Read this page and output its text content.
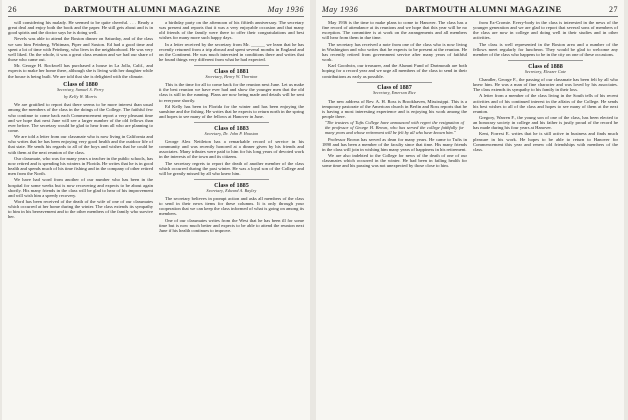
26	DARTMOUTH ALUMNI MAGAZINE	May 1936

will considering his malady. He seemed to be quite cheerful. . . . Ready a great deal and enjoy both the book and the paper. He still gets about and is in good spirits and the doctor says he is doing well.

Nevels was able to attend the Boston dinner on Saturday, and of the class we saw him Feinberg, Whitman, Piper and Saxton. Ed had a good time and spent a lot of time with Feinberg, who lives in the neighborhood. He was very well liked. On the whole, it was a great class reunion and we had our share of those who came out.

Mr. George H. Rockwell has purchased a house in La Jolla, Calif., and expects to make her home there, although she is living with her daughter while the house is being built. We are told that she is delighted with the climate.

Class of 1880
Secretary, Samuel S. Perry
by Kelly W. Morris

We are gratified to report that there seems to be more interest than usual among the members of the class in the doings of the College. The faithful few who continue to come back each Commencement report a very pleasant time and we hope that next June will see a larger number of the old fellows than ever before. The secretary would be glad to hear from all who are planning to come.

We are told a letter from our classmate who is now living in California and who writes that he has been enjoying very good health and the outdoor life of that state. He sends his regards to all of the boys and wishes that he could be with them at the next reunion of the class.

Our classmate, who was for many years a teacher in the public schools, has now retired and is spending his winters in Florida. He writes that he is in good health and spends much of his time fishing and in the company of other retired men from the North.

We have had word from another of our number who has been in the hospital for some weeks but is now recovering and expects to be about again shortly. His many friends in the class will be glad to hear of his improvement and will wish him a speedy recovery.

Word has been received of the death of the wife of one of our classmates which occurred at her home during the winter. The class extends its sympathy to him in his bereavement and to the other members of the family who survive her.

a birthday party on the afternoon of his fiftieth anniversary. The secretary was present and reports that it was a very enjoyable occasion and that many old friends of the family were there to offer their congratulations and best wishes for many more such happy days.

In a letter received by the secretary from Mr. ______ we learn that he has recently returned from a trip abroad and spent several months in England and on the Continent. He was much interested in conditions there and writes that he found things very different from what he had expected.

Class of 1881
Secretary, Henry W. Thornton

This is the time for all to come back for the reunion next June. Let us make it the best reunion we have ever had and show the younger men that the old class is still in the running. Plans are now being made and details will be sent to everyone shortly.

Ed Kelly has been in Florida for the winter and has been enjoying the sunshine and the fishing. He writes that he expects to return north in the spring and hopes to see many of the fellows at Hanover in June.

Class of 1883
Secretary, Dr. John P. Houston

George Alex Nettleton has a remarkable record of service in his community and was recently honored at a dinner given by his friends and associates. Many tributes were paid to him for his long years of devoted work in the interests of the town and its citizens.

The secretary regrets to report the death of another member of the class which occurred during the past winter. He was a loyal son of the College and will be greatly missed by all who knew him.

Class of 1885
Secretary, Edward A. Bayley

The secretary believes in prompt action and asks all members of the class to send in their news items for these columns. It is only through your cooperation that we can keep the class informed of what is going on among its members.

One of our classmates writes from the West that he has been ill for some time but is now much better and expects to be able to attend the reunion next June if his health continues to improve.

May 1936	DARTMOUTH ALUMNI MAGAZINE	27

May 1936 is the time to make plans to come to Hanover. The class has a fine record of attendance at its reunions and we hope that this year will be no exception. The committee is at work on the arrangements and all members will hear from them in due time.

The secretary has received a note from one of the class who is now living in Washington and who writes that he expects to be present at the reunion. He has recently retired from government service after many years of faithful work.

Karl Goodwin, our treasurer, and the Alumni Fund of Dartmouth are both hoping for a record year and we urge all members of the class to send in their contributions as early as possible.

Class of 1887
Secretary, Emerson Rice

The new address of Rev. A. H. Ross is Brookhaven, Mississippi. This is a temporary pastorate of the American church in Berlin and Ross reports that he is having a most interesting experience and is enjoying his work among the people there.

"The trustees of Tufts College have announced with regret the resignation of the professor of George H. Brown, who has served the college faithfully for many years and whose retirement will be felt by all who have known him."

Professor Brown has served as dean for many years. He came to Tufts in 1890 and has been a member of the faculty since that time. His many friends in the class will join in wishing him many years of happiness in his retirement.

We are also indebted to the College for news of the death of one of our classmates which occurred in the winter. He had been in failing health for some time and his passing was not unexpected by those close to him.

from Ex-Cromie. Every-body in the class is interested in the news of the younger generation and we are glad to report that several sons of members of the class are now in college and doing well in their studies and in other activities.

The class is well represented in the Boston area and a number of the fellows meet regularly for luncheon. They would be glad to welcome any member of the class who happens to be in the city on one of these occasions.

Class of 1888
Secretary, Eleazer Cate

Chandler, George F., the passing of our classmate has been felt by all who knew him. He was a man of fine character and was loved by his associates. The class extends its sympathy to his family in their loss.

A letter from a member of the class living in the South tells of his recent activities and of his continued interest in the affairs of the College. He sends his best wishes to all of the class and hopes to see many of them at the next reunion.

Gregory, Warren F., the young son of one of the class, has been elected to an honorary society in college and his father is justly proud of the record he has made during his four years at Hanover.

Kent, Forrest E. writes that he is still active in business and finds much pleasure in his work. He hopes to be able to return to Hanover for Commencement this year and renew old friendships with members of the class.
